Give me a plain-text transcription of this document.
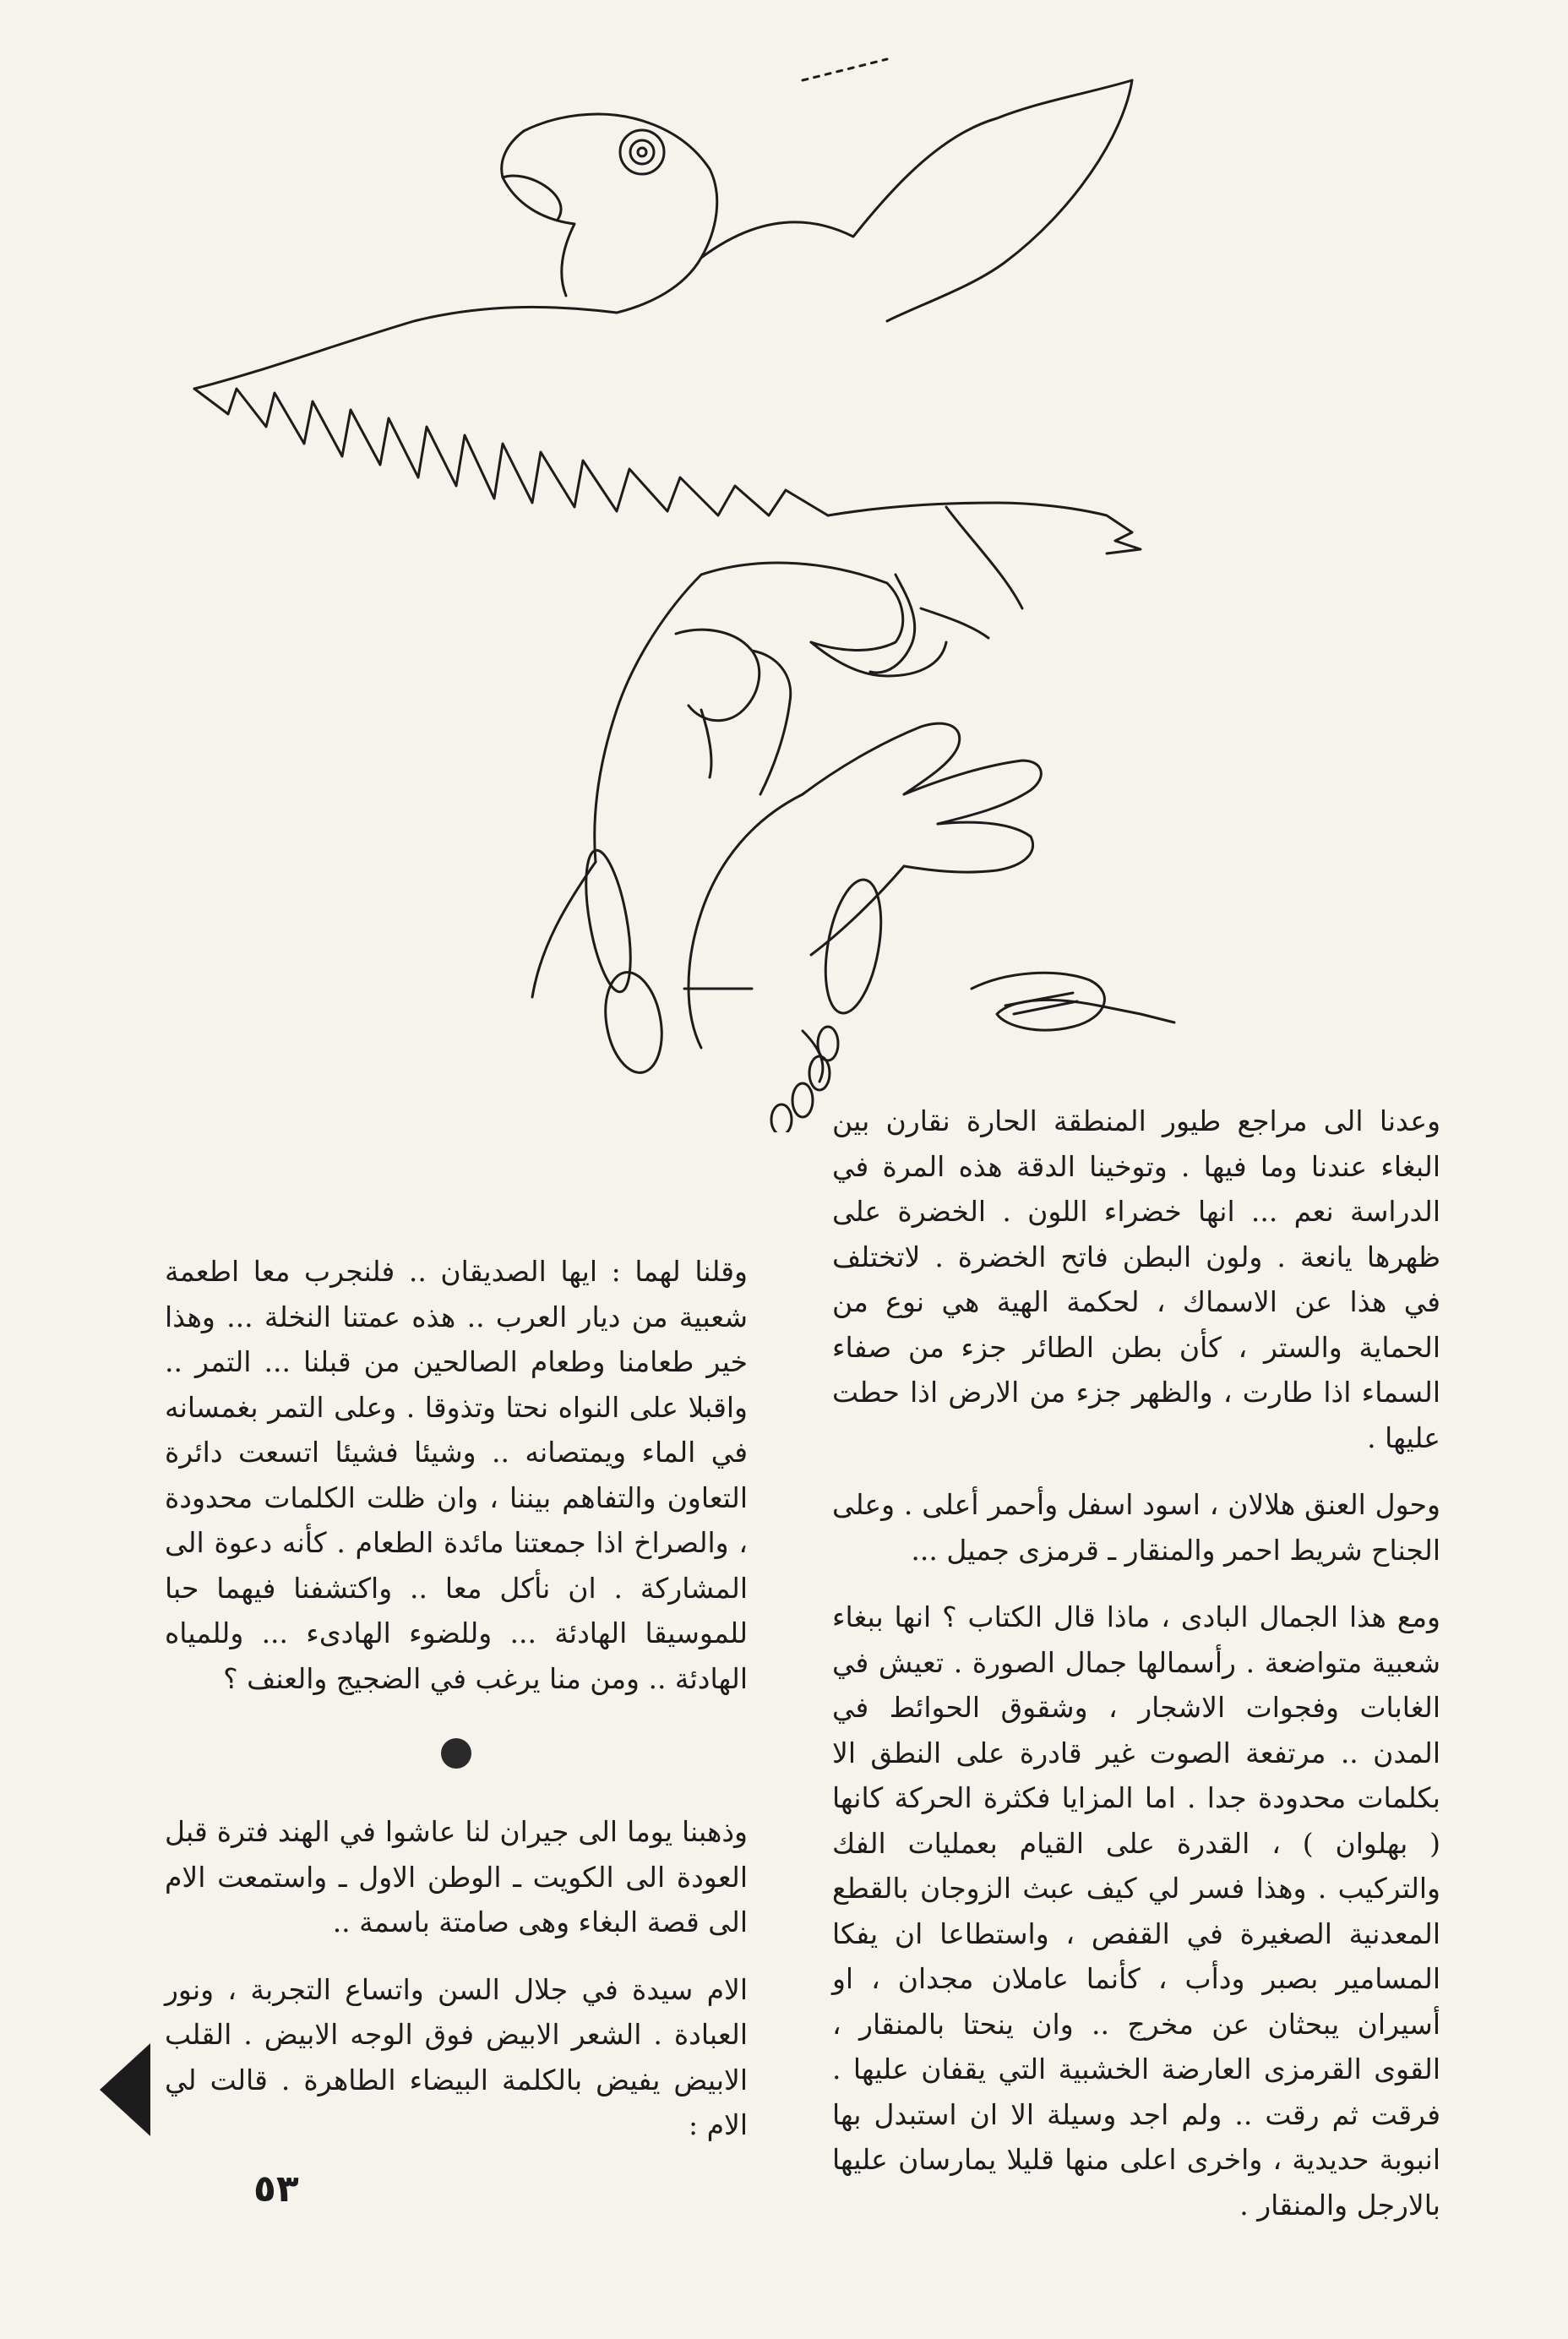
وعدنا الى مراجع طيور المنطقة الحارة نقارن بين البغاء عندنا وما فيها . وتوخينا الدقة هذه المرة في الدراسة نعم ... انها خضراء اللون . الخضرة على ظهرها يانعة . ولون البطن فاتح الخضرة . لاتختلف في هذا عن الاسماك ، لحكمة الهية هي نوع من الحماية والستر ، كأن بطن الطائر جزء من صفاء السماء اذا طارت ، والظهر جزء من الارض اذا حطت عليها .

وحول العنق هلالان ، اسود اسفل وأحمر أعلى . وعلى الجناح شريط احمر والمنقار ـ قرمزى جميل ...

ومع هذا الجمال البادى ، ماذا قال الكتاب ؟ انها ببغاء شعبية متواضعة . رأسمالها جمال الصورة . تعيش في الغابات وفجوات الاشجار ، وشقوق الحوائط في المدن .. مرتفعة الصوت غير قادرة على النطق الا بكلمات محدودة جدا . اما المزايا فكثرة الحركة كانها ( بهلوان ) ، القدرة على القيام بعمليات الفك والتركيب . وهذا فسر لي كيف عبث الزوجان بالقطع المعدنية الصغيرة في القفص ، واستطاعا ان يفكا المسامير بصبر ودأب ، كأنما عاملان مجدان ، او أسيران يبحثان عن مخرج .. وان ينحتا بالمنقار ، القوى القرمزى العارضة الخشبية التي يقفان عليها . فرقت ثم رقت .. ولم اجد وسيلة الا ان استبدل بها انبوبة حديدية ، واخرى اعلى منها قليلا يمارسان عليها بالارجل والمنقار .

وقلنا لهما : ايها الصديقان .. فلنجرب معا اطعمة شعبية من ديار العرب .. هذه عمتنا النخلة ... وهذا خير طعامنا وطعام الصالحين من قبلنا ... التمر .. واقبلا على النواه نحتا وتذوقا . وعلى التمر بغمسانه في الماء ويمتصانه .. وشيئا فشيئا اتسعت دائرة التعاون والتفاهم بيننا ، وان ظلت الكلمات محدودة ، والصراخ اذا جمعتنا مائدة الطعام . كأنه دعوة الى المشاركة . ان نأكل معا .. واكتشفنا فيهما حبا للموسيقا الهادئة ... وللضوء الهادىء ... وللمياه الهادئة .. ومن منا يرغب في الضجيج والعنف ؟

وذهبنا يوما الى جيران لنا عاشوا في الهند فترة قبل العودة الى الكويت ـ الوطن الاول ـ واستمعت الام الى قصة البغاء وهى صامتة باسمة ..

الام سيدة في جلال السن واتساع التجربة ، ونور العبادة . الشعر الابيض فوق الوجه الابيض . القلب الابيض يفيض بالكلمة البيضاء الطاهرة . قالت لي الام :

٥٣
